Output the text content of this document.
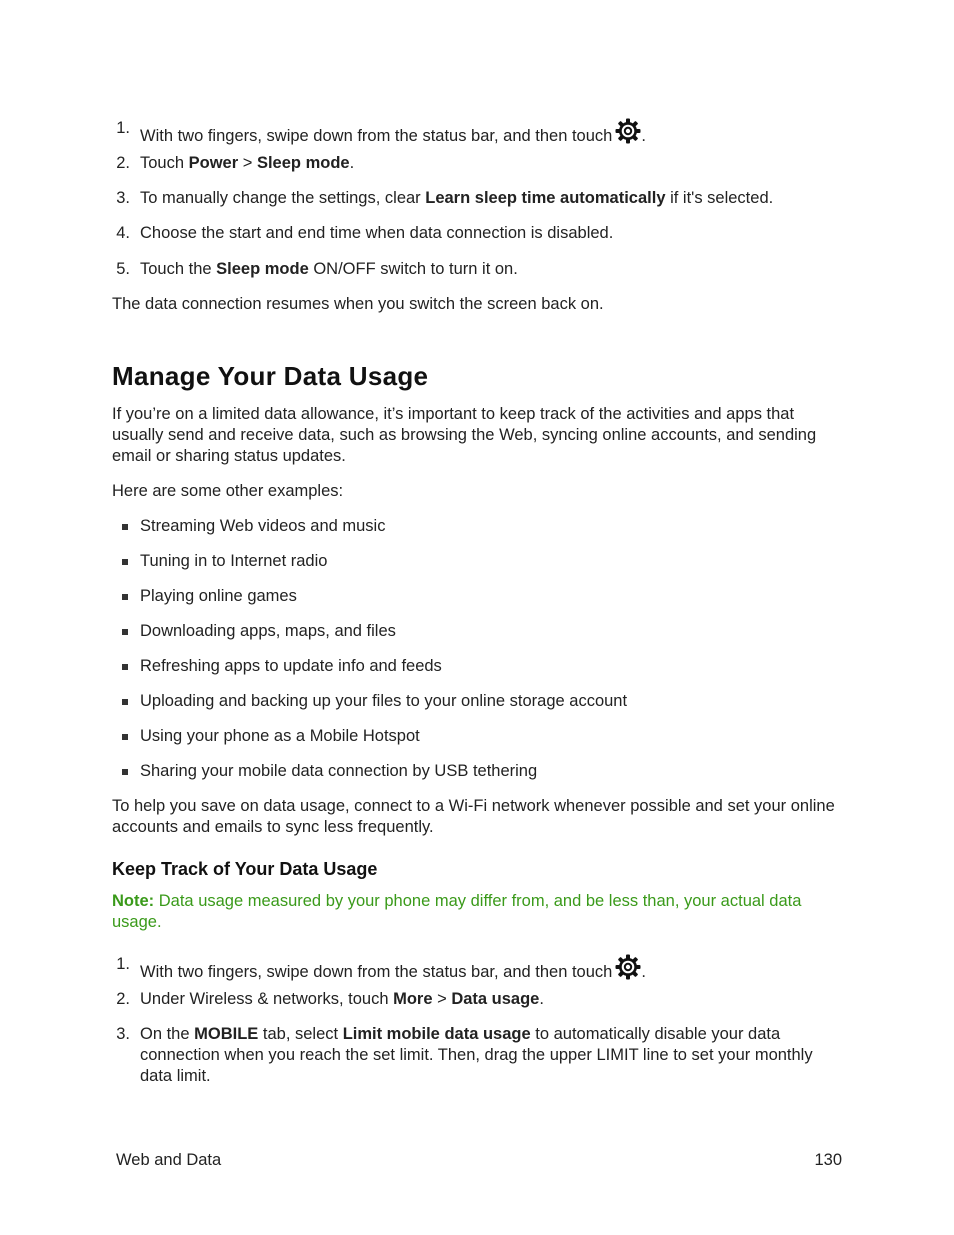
1. With two fingers, swipe down from the status bar, and then touch .
2. Touch Power > Sleep mode.
3. To manually change the settings, clear Learn sleep time automatically if it's selected.
4. Choose the start and end time when data connection is disabled.
5. Touch the Sleep mode ON/OFF switch to turn it on.
The data connection resumes when you switch the screen back on.
Manage Your Data Usage
If you’re on a limited data allowance, it’s important to keep track of the activities and apps that usually send and receive data, such as browsing the Web, syncing online accounts, and sending email or sharing status updates.
Here are some other examples:
Streaming Web videos and music
Tuning in to Internet radio
Playing online games
Downloading apps, maps, and files
Refreshing apps to update info and feeds
Uploading and backing up your files to your online storage account
Using your phone as a Mobile Hotspot
Sharing your mobile data connection by USB tethering
To help you save on data usage, connect to a Wi-Fi network whenever possible and set your online accounts and emails to sync less frequently.
Keep Track of Your Data Usage
Note: Data usage measured by your phone may differ from, and be less than, your actual data usage.
1. With two fingers, swipe down from the status bar, and then touch .
2. Under Wireless & networks, touch More > Data usage.
3. On the MOBILE tab, select Limit mobile data usage to automatically disable your data connection when you reach the set limit. Then, drag the upper LIMIT line to set your monthly data limit.
Web and Data	130
